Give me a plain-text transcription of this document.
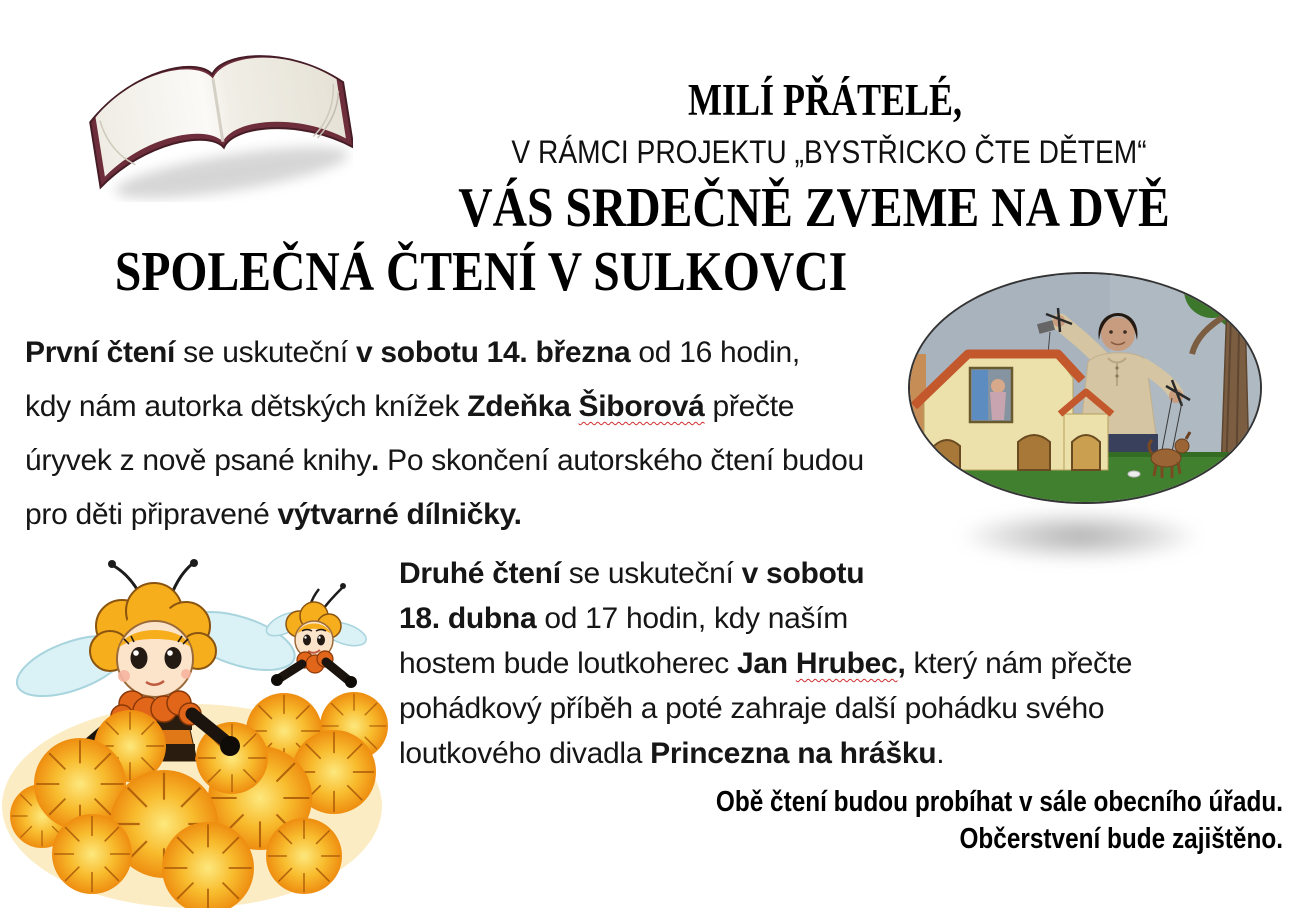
MILÍ PŘÁTELÉ,
V RÁMCI PROJEKTU „BYSTŘICKO ČTE DĚTEM“
VÁS SRDEČNĚ ZVEME NA DVĚ
SPOLEČNÁ ČTENÍ V SULKOVCI
První čtení se uskuteční v sobotu 14. března od 16 hodin,
kdy nám autorka dětských knížek Zdeňka Šiborová přečte
úryvek z nově psané knihy. Po skončení autorského čtení budou
pro děti připravené výtvarné dílničky.
Druhé čtení se uskuteční v sobotu
18. dubna od 17 hodin, kdy naším
hostem bude loutkoherec Jan Hrubec, který nám přečte
pohádkový příběh a poté zahraje další pohádku svého
loutkového divadla Princezna na hrášku.
Obě čtení budou probíhat v sále obecního úřadu.
Občerstvení bude zajištěno.
